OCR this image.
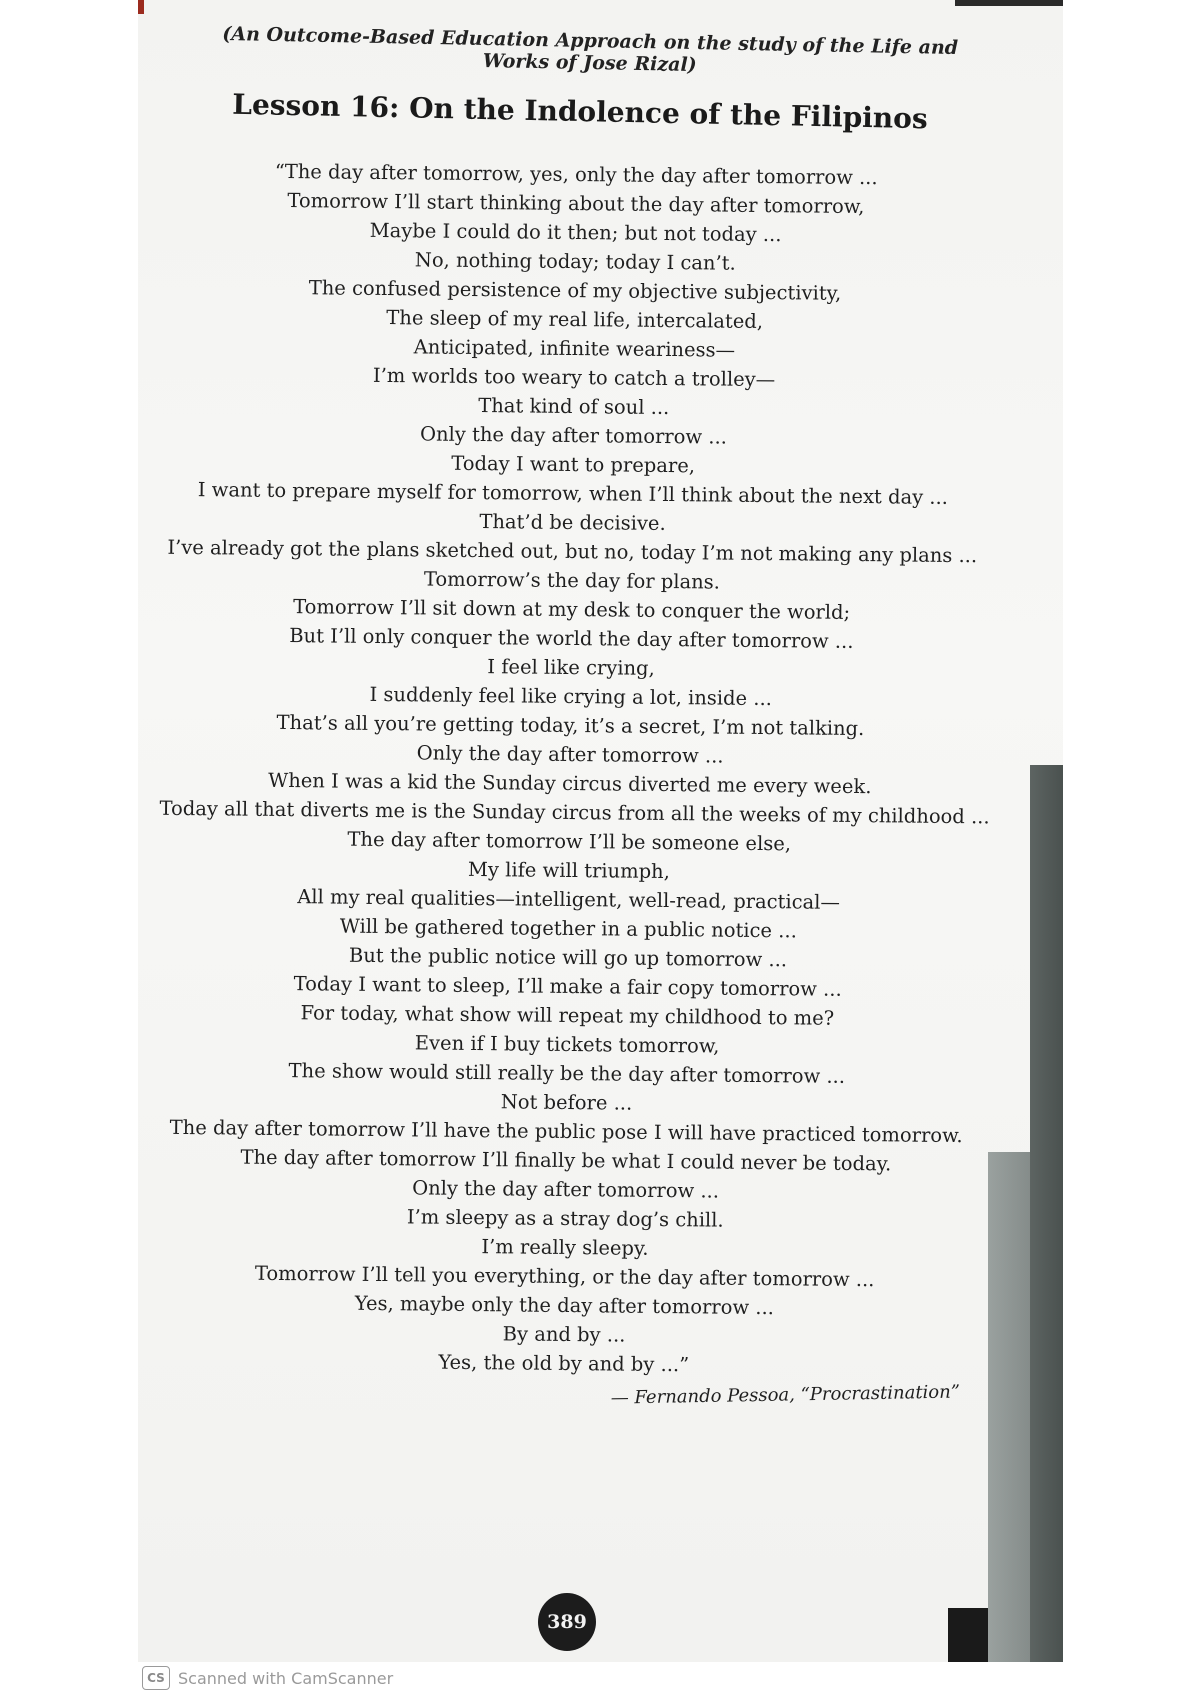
(An Outcome-Based Education Approach on the study of the Life and Works of Jose Rizal)
Lesson 16: On the Indolence of the Filipinos
“The day after tomorrow, yes, only the day after tomorrow ...
Tomorrow I’ll start thinking about the day after tomorrow,
Maybe I could do it then; but not today ...
No, nothing today; today I can’t.
The confused persistence of my objective subjectivity,
The sleep of my real life, intercalated,
Anticipated, infinite weariness—
I’m worlds too weary to catch a trolley—
That kind of soul ...
Only the day after tomorrow ...
Today I want to prepare,
I want to prepare myself for tomorrow, when I’ll think about the next day ...
That’d be decisive.
I’ve already got the plans sketched out, but no, today I’m not making any plans ...
Tomorrow’s the day for plans.
Tomorrow I’ll sit down at my desk to conquer the world;
But I’ll only conquer the world the day after tomorrow ...
I feel like crying,
I suddenly feel like crying a lot, inside ...
That’s all you’re getting today, it’s a secret, I’m not talking.
Only the day after tomorrow ...
When I was a kid the Sunday circus diverted me every week.
Today all that diverts me is the Sunday circus from all the weeks of my childhood ...
The day after tomorrow I’ll be someone else,
My life will triumph,
All my real qualities—intelligent, well-read, practical—
Will be gathered together in a public notice ...
But the public notice will go up tomorrow ...
Today I want to sleep, I’ll make a fair copy tomorrow ...
For today, what show will repeat my childhood to me?
Even if I buy tickets tomorrow,
The show would still really be the day after tomorrow ...
Not before ...
The day after tomorrow I’ll have the public pose I will have practiced tomorrow.
The day after tomorrow I’ll finally be what I could never be today.
Only the day after tomorrow ...
I’m sleepy as a stray dog’s chill.
I’m really sleepy.
Tomorrow I’ll tell you everything, or the day after tomorrow ...
Yes, maybe only the day after tomorrow ...
By and by ...
Yes, the old by and by ...”
— Fernando Pessoa, “Procrastination”
389
CS Scanned with CamScanner
